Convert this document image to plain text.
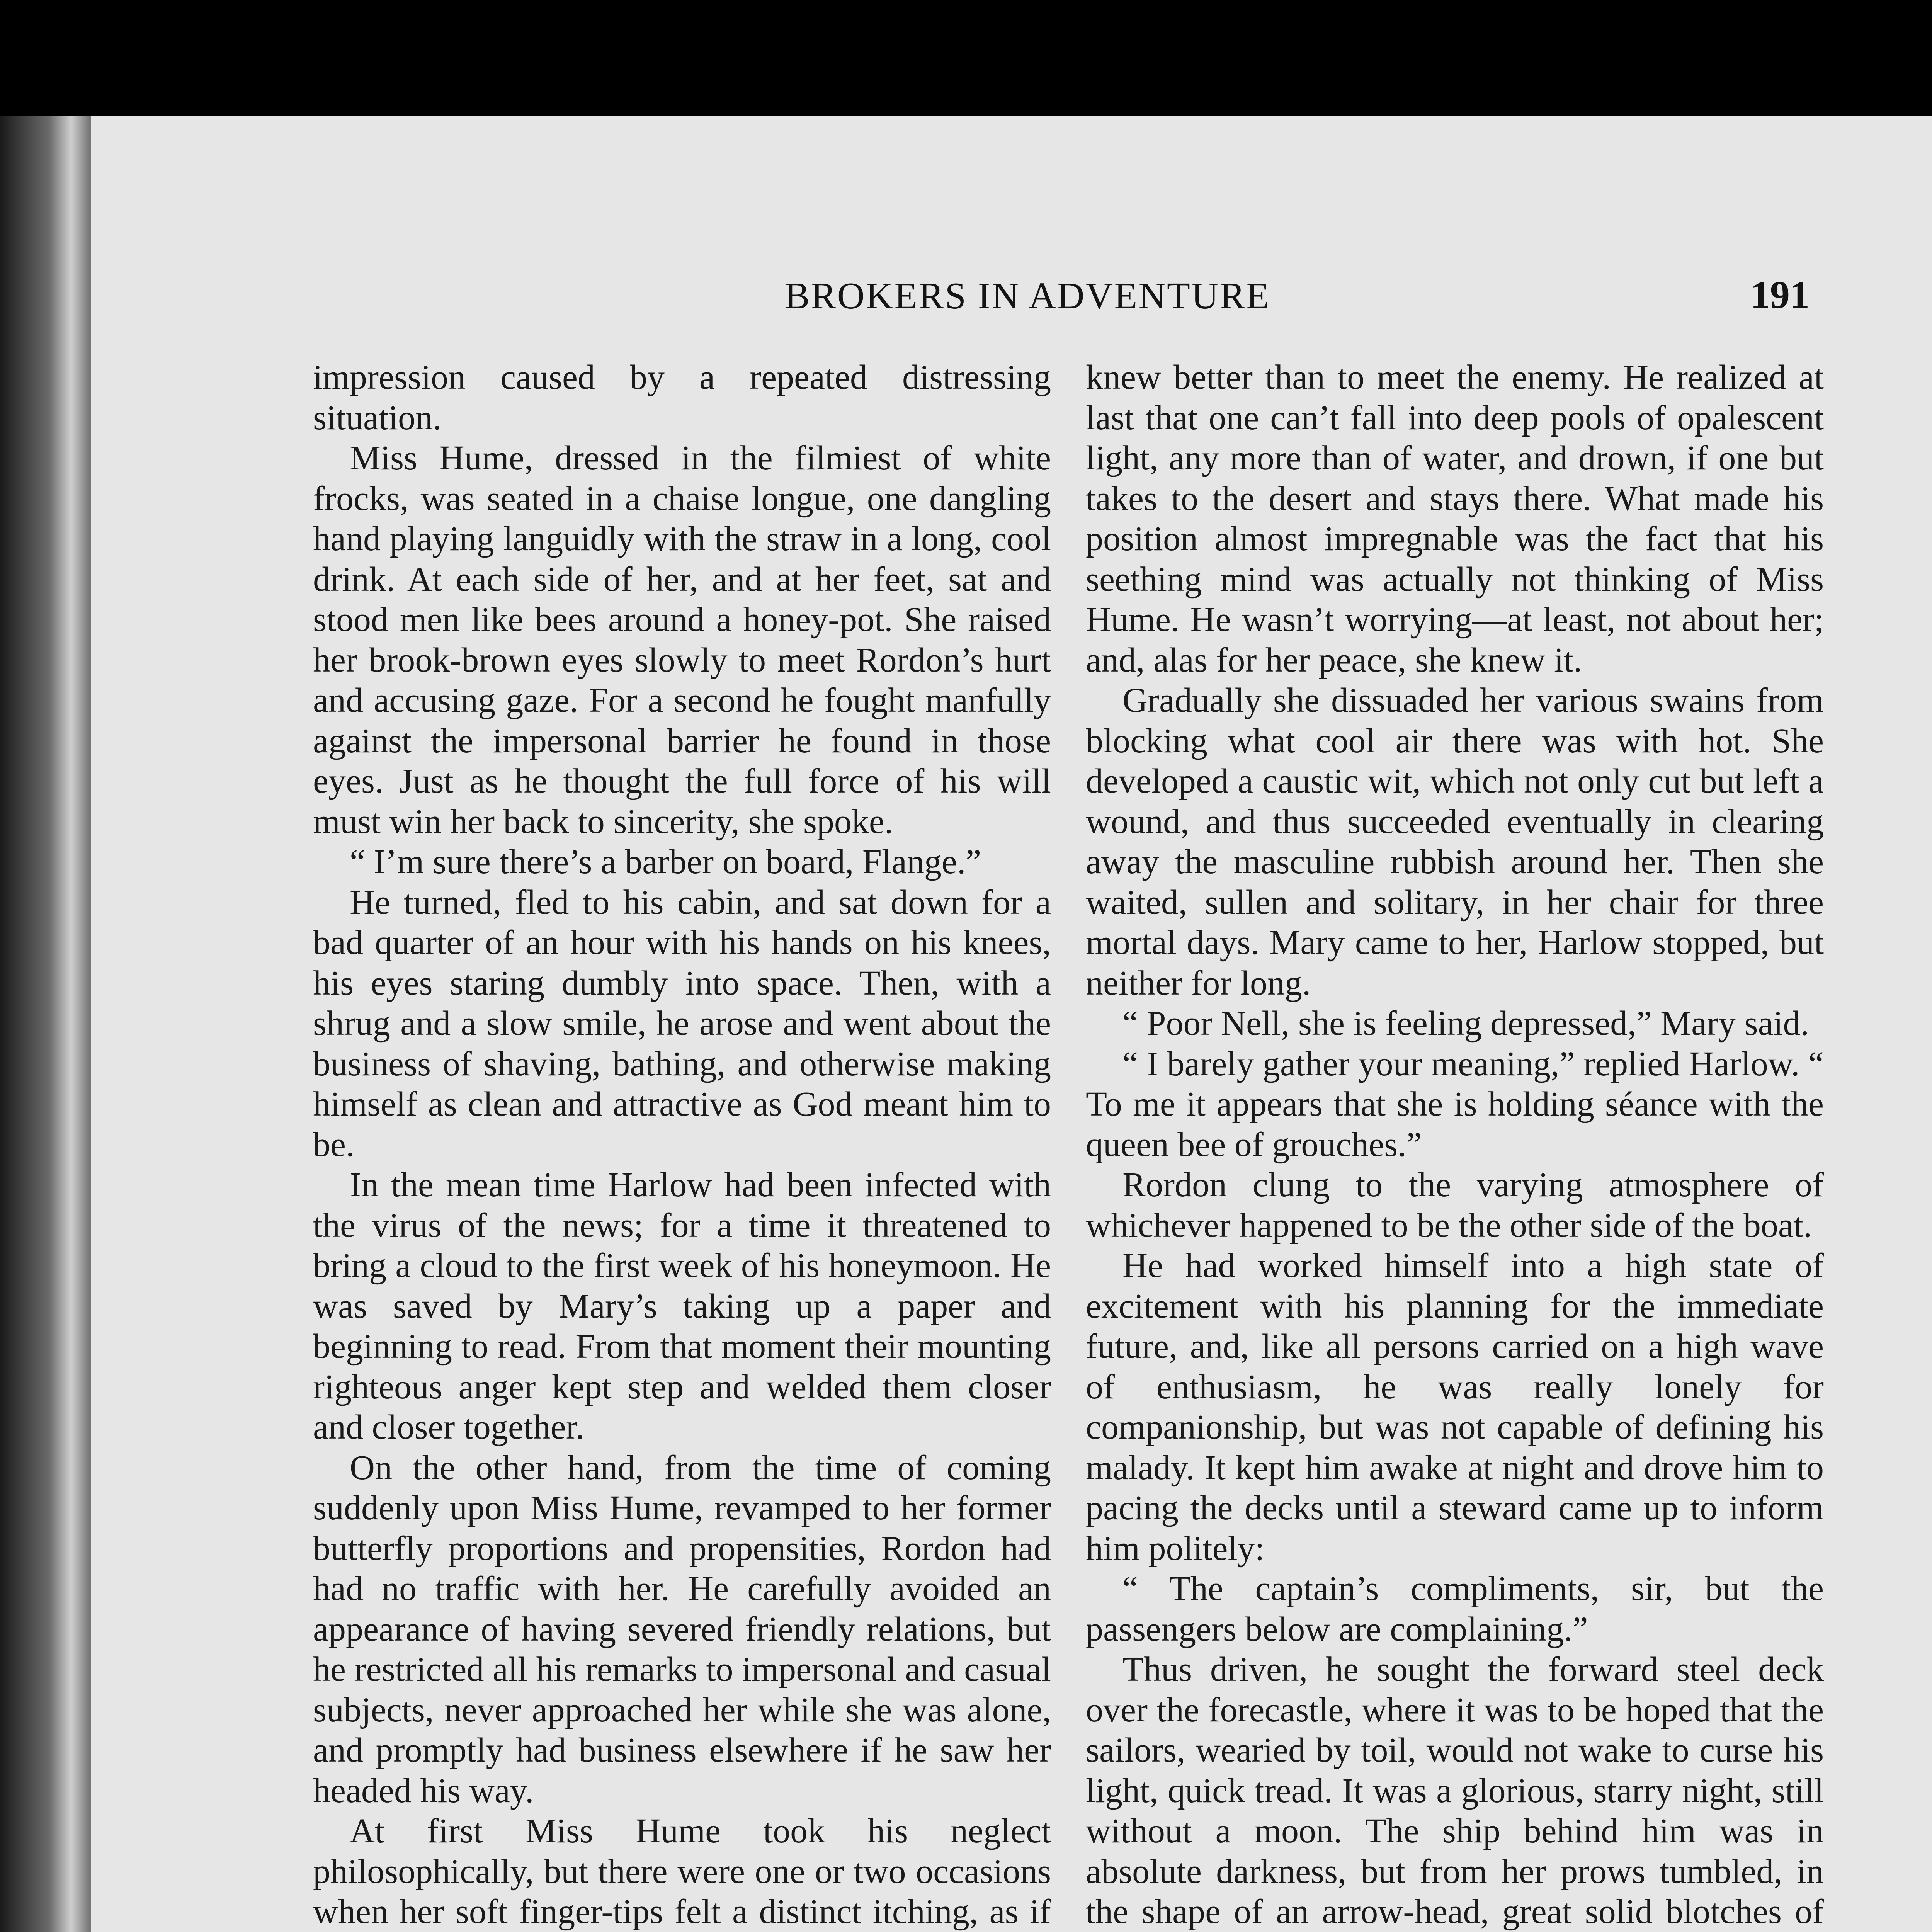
BROKERS IN ADVENTURE	191

impression caused by a repeated distressing situation.

Miss Hume, dressed in the filmiest of white frocks, was seated in a chaise longue, one dangling hand playing languidly with the straw in a long, cool drink. At each side of her, and at her feet, sat and stood men like bees around a honey-pot. She raised her brook-brown eyes slowly to meet Rordon’s hurt and accusing gaze. For a second he fought manfully against the impersonal barrier he found in those eyes. Just as he thought the full force of his will must win her back to sincerity, she spoke.

“ I’m sure there’s a barber on board, Flange.”

He turned, fled to his cabin, and sat down for a bad quarter of an hour with his hands on his knees, his eyes staring dumbly into space. Then, with a shrug and a slow smile, he arose and went about the business of shaving, bathing, and otherwise making himself as clean and attractive as God meant him to be.

In the mean time Harlow had been infected with the virus of the news; for a time it threatened to bring a cloud to the first week of his honeymoon. He was saved by Mary’s taking up a paper and beginning to read. From that moment their mounting righteous anger kept step and welded them closer and closer together.

On the other hand, from the time of coming suddenly upon Miss Hume, revamped to her former butterfly proportions and propensities, Rordon had had no traffic with her. He carefully avoided an appearance of having severed friendly relations, but he restricted all his remarks to impersonal and casual subjects, never approached her while she was alone, and promptly had business elsewhere if he saw her headed his way.

At first Miss Hume took his neglect philosophically, but there were one or two occasions when her soft finger-tips felt a distinct itching, as if

knew better than to meet the enemy. He realized at last that one can’t fall into deep pools of opalescent light, any more than of water, and drown, if one but takes to the desert and stays there. What made his position almost impregnable was the fact that his seething mind was actually not thinking of Miss Hume. He wasn’t worrying—at least, not about her; and, alas for her peace, she knew it.

Gradually she dissuaded her various swains from blocking what cool air there was with hot. She developed a caustic wit, which not only cut but left a wound, and thus succeeded eventually in clearing away the masculine rubbish around her. Then she waited, sullen and solitary, in her chair for three mortal days. Mary came to her, Harlow stopped, but neither for long.

“ Poor Nell, she is feeling depressed,” Mary said.

“ I barely gather your meaning,” replied Harlow. “ To me it appears that she is holding séance with the queen bee of grouches.”

Rordon clung to the varying atmosphere of whichever happened to be the other side of the boat.

He had worked himself into a high state of excitement with his planning for the immediate future, and, like all persons carried on a high wave of enthusiasm, he was really lonely for companionship, but was not capable of defining his malady. It kept him awake at night and drove him to pacing the decks until a steward came up to inform him politely:

“ The captain’s compliments, sir, but the passengers below are complaining.”

Thus driven, he sought the forward steel deck over the forecastle, where it was to be hoped that the sailors, wearied by toil, would not wake to curse his light, quick tread. It was a glorious, starry night, still without a moon. The ship behind him was in absolute darkness, but from her prows tumbled, in the shape of an arrow-head, great solid blotches of
